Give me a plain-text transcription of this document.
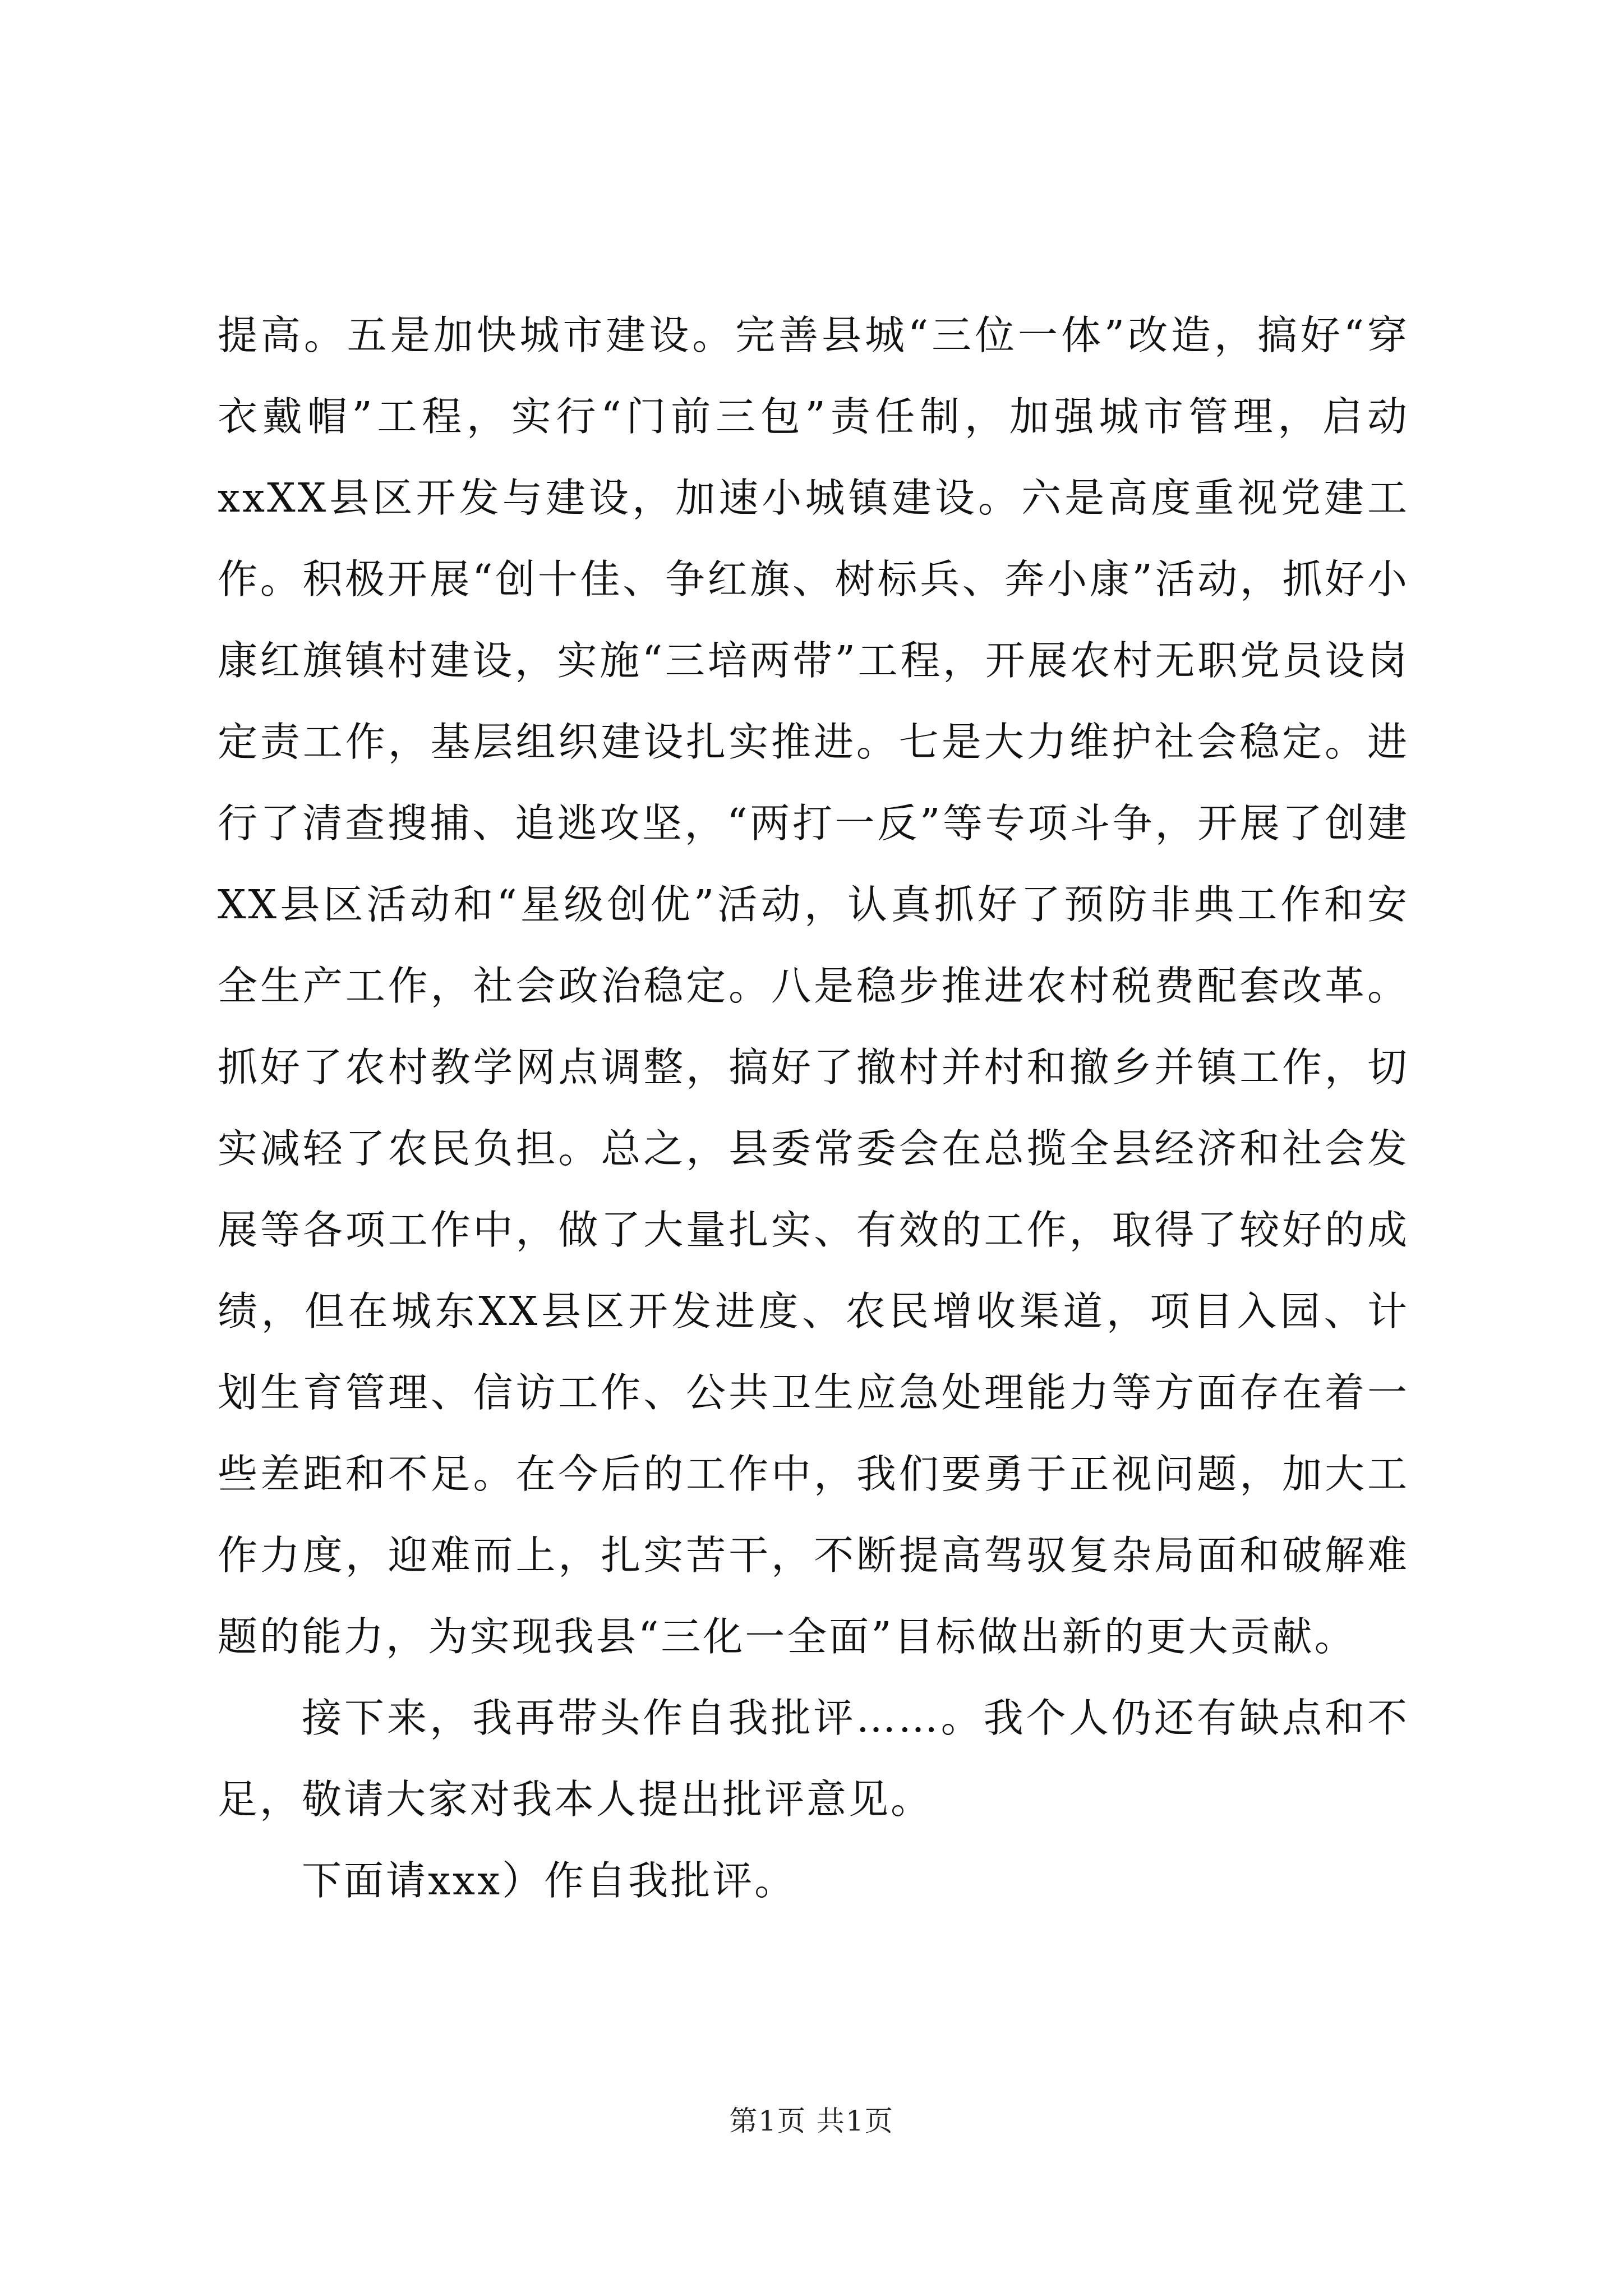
提高。五是加快城市建设。完善县城“三位一体”改造，搞好“穿衣戴帽”工程，实行“门前三包”责任制，加强城市管理，启动xxXX县区开发与建设，加速小城镇建设。六是高度重视党建工作。积极开展“创十佳、争红旗、树标兵、奔小康”活动，抓好小康红旗镇村建设，实施“三培两带”工程，开展农村无职党员设岗定责工作，基层组织建设扎实推进。七是大力维护社会稳定。进行了清查搜捕、追逃攻坚，“两打一反”等专项斗争，开展了创建XX县区活动和“星级创优”活动，认真抓好了预防非典工作和安全生产工作，社会政治稳定。八是稳步推进农村税费配套改革。抓好了农村教学网点调整，搞好了撤村并村和撤乡并镇工作，切实减轻了农民负担。总之，县委常委会在总揽全县经济和社会发展等各项工作中，做了大量扎实、有效的工作，取得了较好的成绩，但在城东XX县区开发进度、农民增收渠道，项目入园、计划生育管理、信访工作、公共卫生应急处理能力等方面存在着一些差距和不足。在今后的工作中，我们要勇于正视问题，加大工作力度，迎难而上，扎实苦干，不断提高驾驭复杂局面和破解难题的能力，为实现我县“三化一全面”目标做出新的更大贡献。

接下来，我再带头作自我批评……。我个人仍还有缺点和不足，敬请大家对我本人提出批评意见。

下面请xxx）作自我批评。

第1页 共1页
